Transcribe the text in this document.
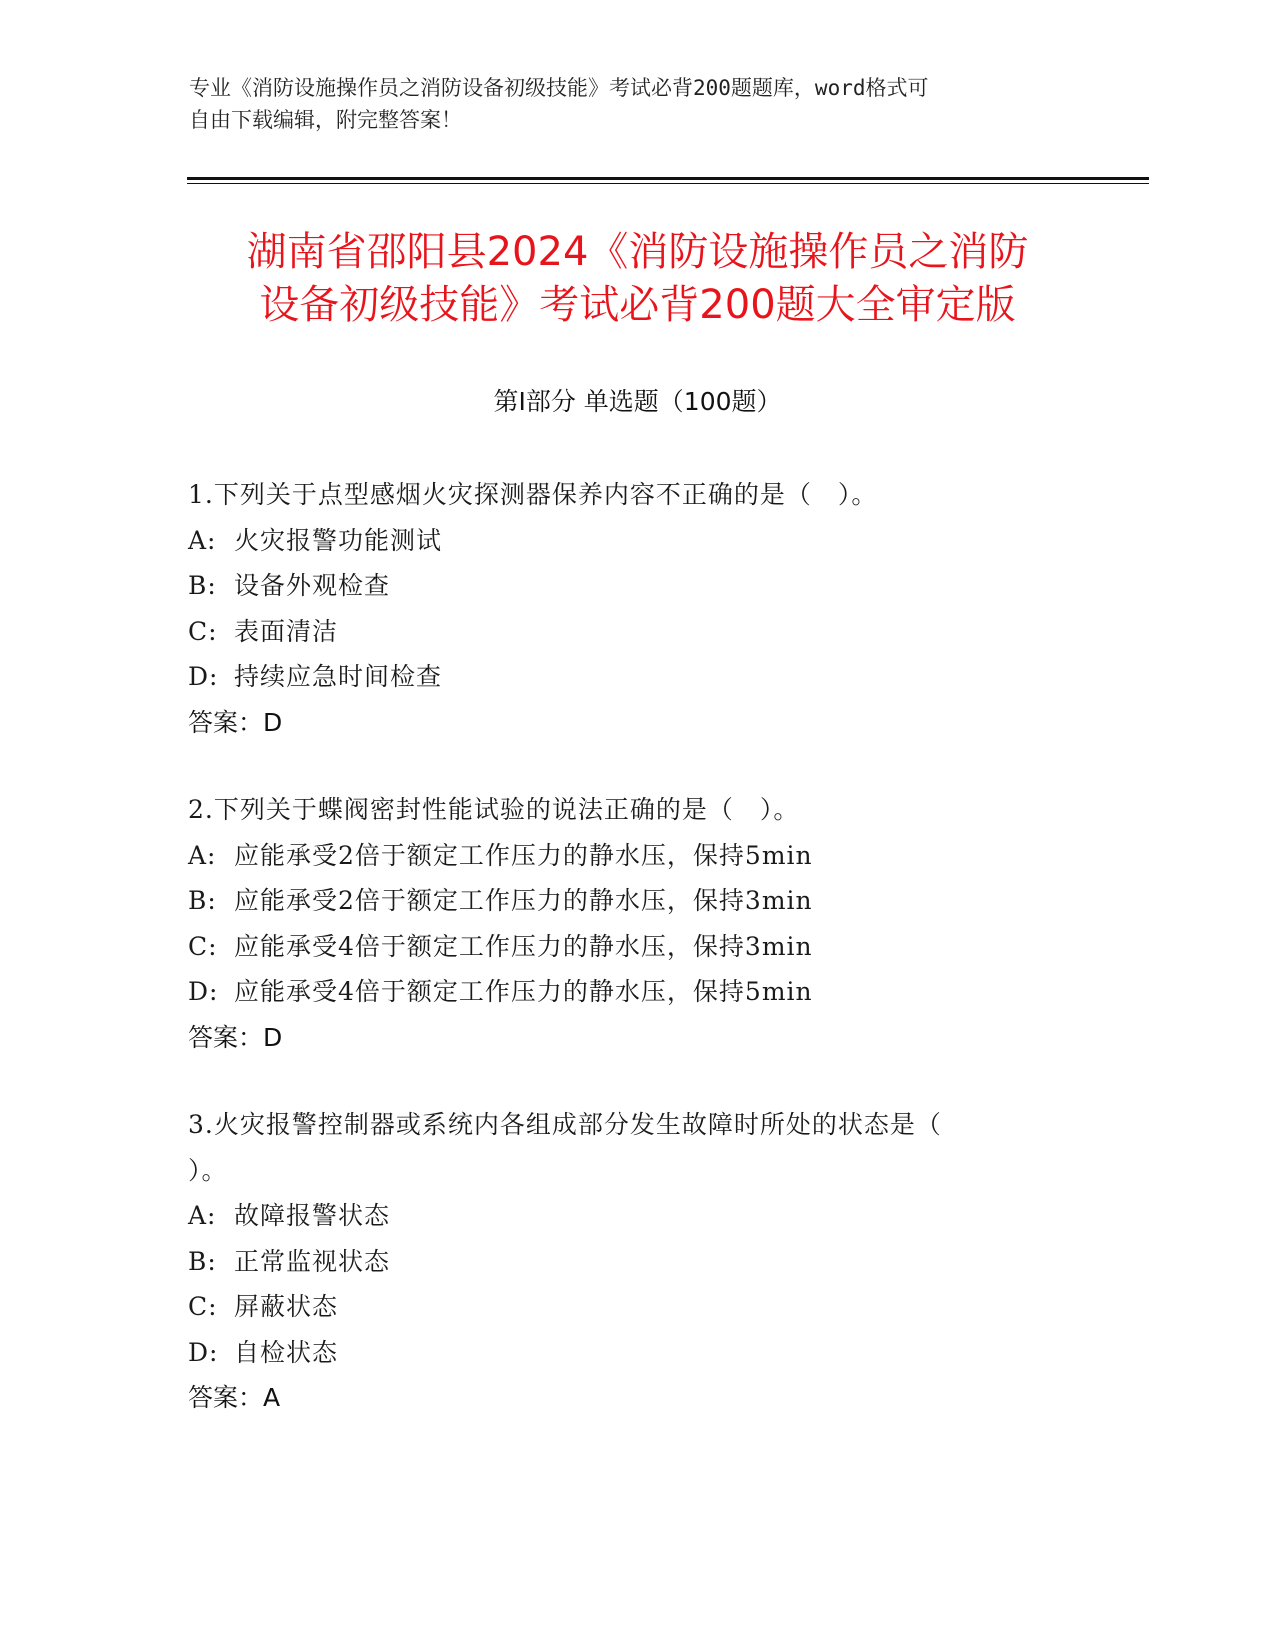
专业《消防设施操作员之消防设备初级技能》考试必背200题题库，word格式可

自由下载编辑，附完整答案！

湖南省邵阳县2024《消防设施操作员之消防
设备初级技能》考试必背200题大全审定版
第Ⅰ部分 单选题（100题）
1.下列关于点型感烟火灾探测器保养内容不正确的是（　）。
A: 火灾报警功能测试
B: 设备外观检查
C: 表面清洁
D: 持续应急时间检查
答案：D
2.下列关于蝶阀密封性能试验的说法正确的是（　）。
A: 应能承受2倍于额定工作压力的静水压，保持5min
B: 应能承受2倍于额定工作压力的静水压，保持3min
C: 应能承受4倍于额定工作压力的静水压，保持3min
D: 应能承受4倍于额定工作压力的静水压，保持5min
答案：D
3.火灾报警控制器或系统内各组成部分发生故障时所处的状态是（
）。
A: 故障报警状态
B: 正常监视状态
C: 屏蔽状态
D: 自检状态
答案：A
